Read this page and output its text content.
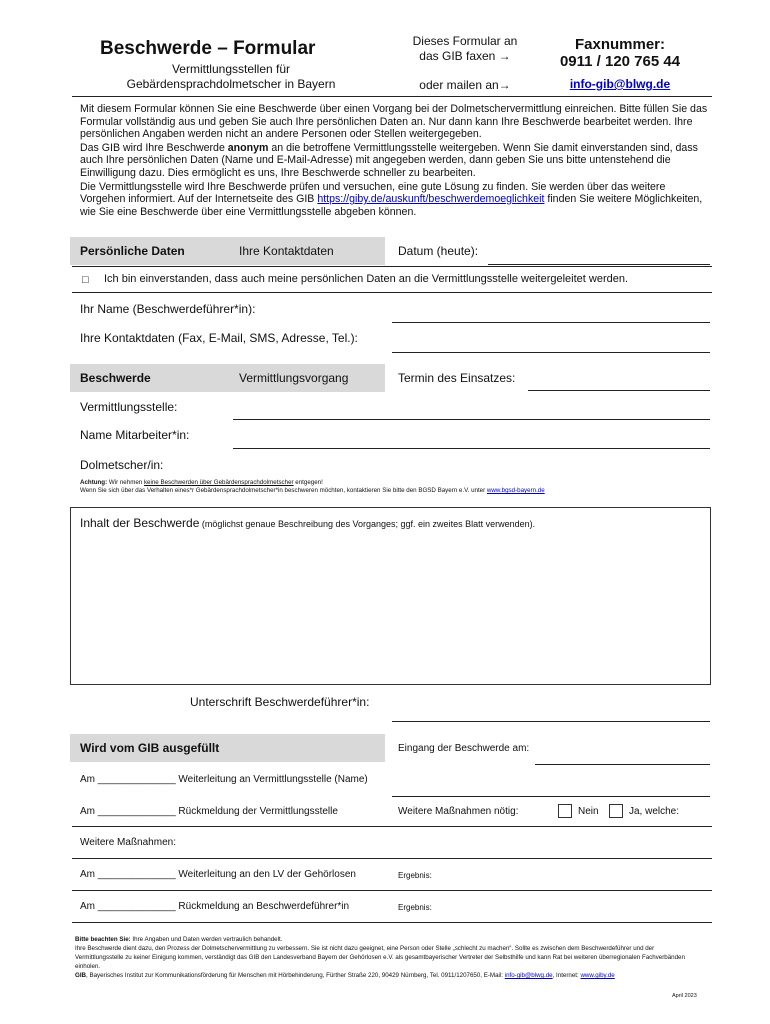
Beschwerde – Formular
Vermittlungsstellen für
Gebärdensprachdolmetscher in Bayern
Dieses Formular an
das GIB faxen →
oder mailen an→
Faxnummer:
0911 / 120 765 44
info-gib@blwg.de

Mit diesem Formular können Sie eine Beschwerde über einen Vorgang bei der Dolmetschervermittlung einreichen. Bitte füllen Sie das Formular vollständig aus und geben Sie auch Ihre persönlichen Daten an. Nur dann kann Ihre Beschwerde bearbeitet werden. Ihre persönlichen Angaben werden nicht an andere Personen oder Stellen weitergegeben.

Das GIB wird Ihre Beschwerde anonym an die betroffene Vermittlungsstelle weitergeben. Wenn Sie damit einverstanden sind, dass auch Ihre persönlichen Daten (Name und E-Mail-Adresse) mit angegeben werden, dann geben Sie uns bitte untenstehend die Einwilligung dazu. Dies ermöglicht es uns, Ihre Beschwerde schneller zu bearbeiten.

Die Vermittlungsstelle wird Ihre Beschwerde prüfen und versuchen, eine gute Lösung zu finden. Sie werden über das weitere Vorgehen informiert. Auf der Internetseite des GIB https://giby.de/auskunft/beschwerdemoeglichkeit finden Sie weitere Möglichkeiten, wie Sie eine Beschwerde über eine Vermittlungsstelle abgeben können.

Persönliche Daten	Ihre Kontaktdaten	Datum (heute):
□ Ich bin einverstanden, dass auch meine persönlichen Daten an die Vermittlungsstelle weitergeleitet werden.
Ihr Name (Beschwerdeführer*in):
Ihre Kontaktdaten (Fax, E-Mail, SMS, Adresse, Tel.):
Beschwerde	Vermittlungsvorgang	Termin des Einsatzes:
Vermittlungsstelle:
Name Mitarbeiter*in:
Dolmetscher/in:
Achtung: Wir nehmen keine Beschwerden über Gebärdensprachdolmetscher entgegen!
Wenn Sie sich über das Verhalten eines*r Gebärdensprachdolmetscher*in beschweren möchten, kontaktieren Sie bitte den BGSD Bayern e.V. unter www.bgsd-bayern.de
Inhalt der Beschwerde (möglichst genaue Beschreibung des Vorganges; ggf. ein zweites Blatt verwenden).
Unterschrift Beschwerdeführer*in:
Wird vom GIB ausgefüllt	Eingang der Beschwerde am:
Am ______________ Weiterleitung an Vermittlungsstelle (Name)
Am ______________ Rückmeldung der Vermittlungsstelle	Weitere Maßnahmen nötig:	Nein	Ja, welche:
Weitere Maßnahmen:
Am ______________ Weiterleitung an den LV der Gehörlosen	Ergebnis:
Am ______________ Rückmeldung an Beschwerdeführer*in	Ergebnis:
Bitte beachten Sie: Ihre Angaben und Daten werden vertraulich behandelt.
Ihre Beschwerde dient dazu, den Prozess der Dolmetschervermittlung zu verbessern. Sie ist nicht dazu geeignet, eine Person oder Stelle „schlecht zu machen“. Sollte es zwischen dem Beschwerdeführer und der Vermittlungsstelle zu keiner Einigung kommen, verständigt das GIB den Landesverband Bayern der Gehörlosen e.V. als gesamtbayerischer Vertreter der Selbsthilfe und kann Rat bei weiteren überregionalen Fachverbänden einholen.
GIB, Bayerisches Institut zur Kommunikationsförderung für Menschen mit Hörbehinderung, Fürther Straße 220, 90429 Nürnberg, Tel. 0911/1207650, E-Mail: info-gib@blwg.de, Internet: www.giby.de
April 2023
